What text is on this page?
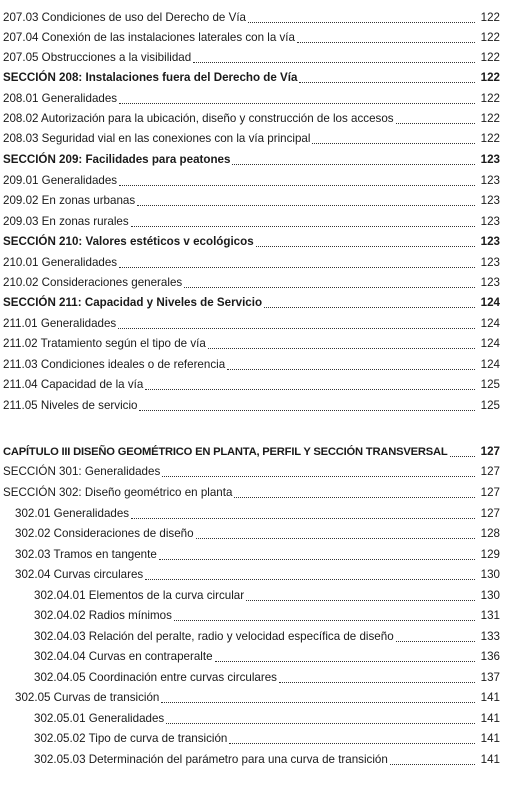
207.03 Condiciones de uso del Derecho de Vía	122
207.04 Conexión de las instalaciones laterales con la vía	122
207.05 Obstrucciones a la visibilidad	122
SECCIÓN 208: Instalaciones fuera del Derecho de Vía	122
208.01 Generalidades	122
208.02 Autorización para la ubicación, diseño y construcción de los accesos	122
208.03 Seguridad vial en las conexiones con la vía principal	122
SECCIÓN 209: Facilidades para peatones	123
209.01 Generalidades	123
209.02 En zonas urbanas	123
209.03 En zonas rurales	123
SECCIÓN 210: Valores estéticos v ecológicos	123
210.01 Generalidades	123
210.02 Consideraciones generales	123
SECCIÓN 211: Capacidad y Niveles de Servicio	124
211.01 Generalidades	124
211.02 Tratamiento según el tipo de vía	124
211.03 Condiciones ideales o de referencia	124
211.04 Capacidad de la vía	125
211.05 Niveles de servicio	125
CAPÍTULO III DISEÑO GEOMÉTRICO EN PLANTA, PERFIL Y SECCIÓN TRANSVERSAL	127
SECCIÓN 301: Generalidades	127
SECCIÓN 302: Diseño geométrico en planta	127
302.01 Generalidades	127
302.02 Consideraciones de diseño	128
302.03 Tramos en tangente	129
302.04 Curvas circulares	130
302.04.01 Elementos de la curva circular	130
302.04.02 Radios mínimos	131
302.04.03 Relación del peralte, radio y velocidad específica de diseño	133
302.04.04 Curvas en contraperalte	136
302.04.05 Coordinación entre curvas circulares	137
302.05 Curvas de transición	141
302.05.01 Generalidades	141
302.05.02 Tipo de curva de transición	141
302.05.03 Determinación del parámetro para una curva de transición	141
